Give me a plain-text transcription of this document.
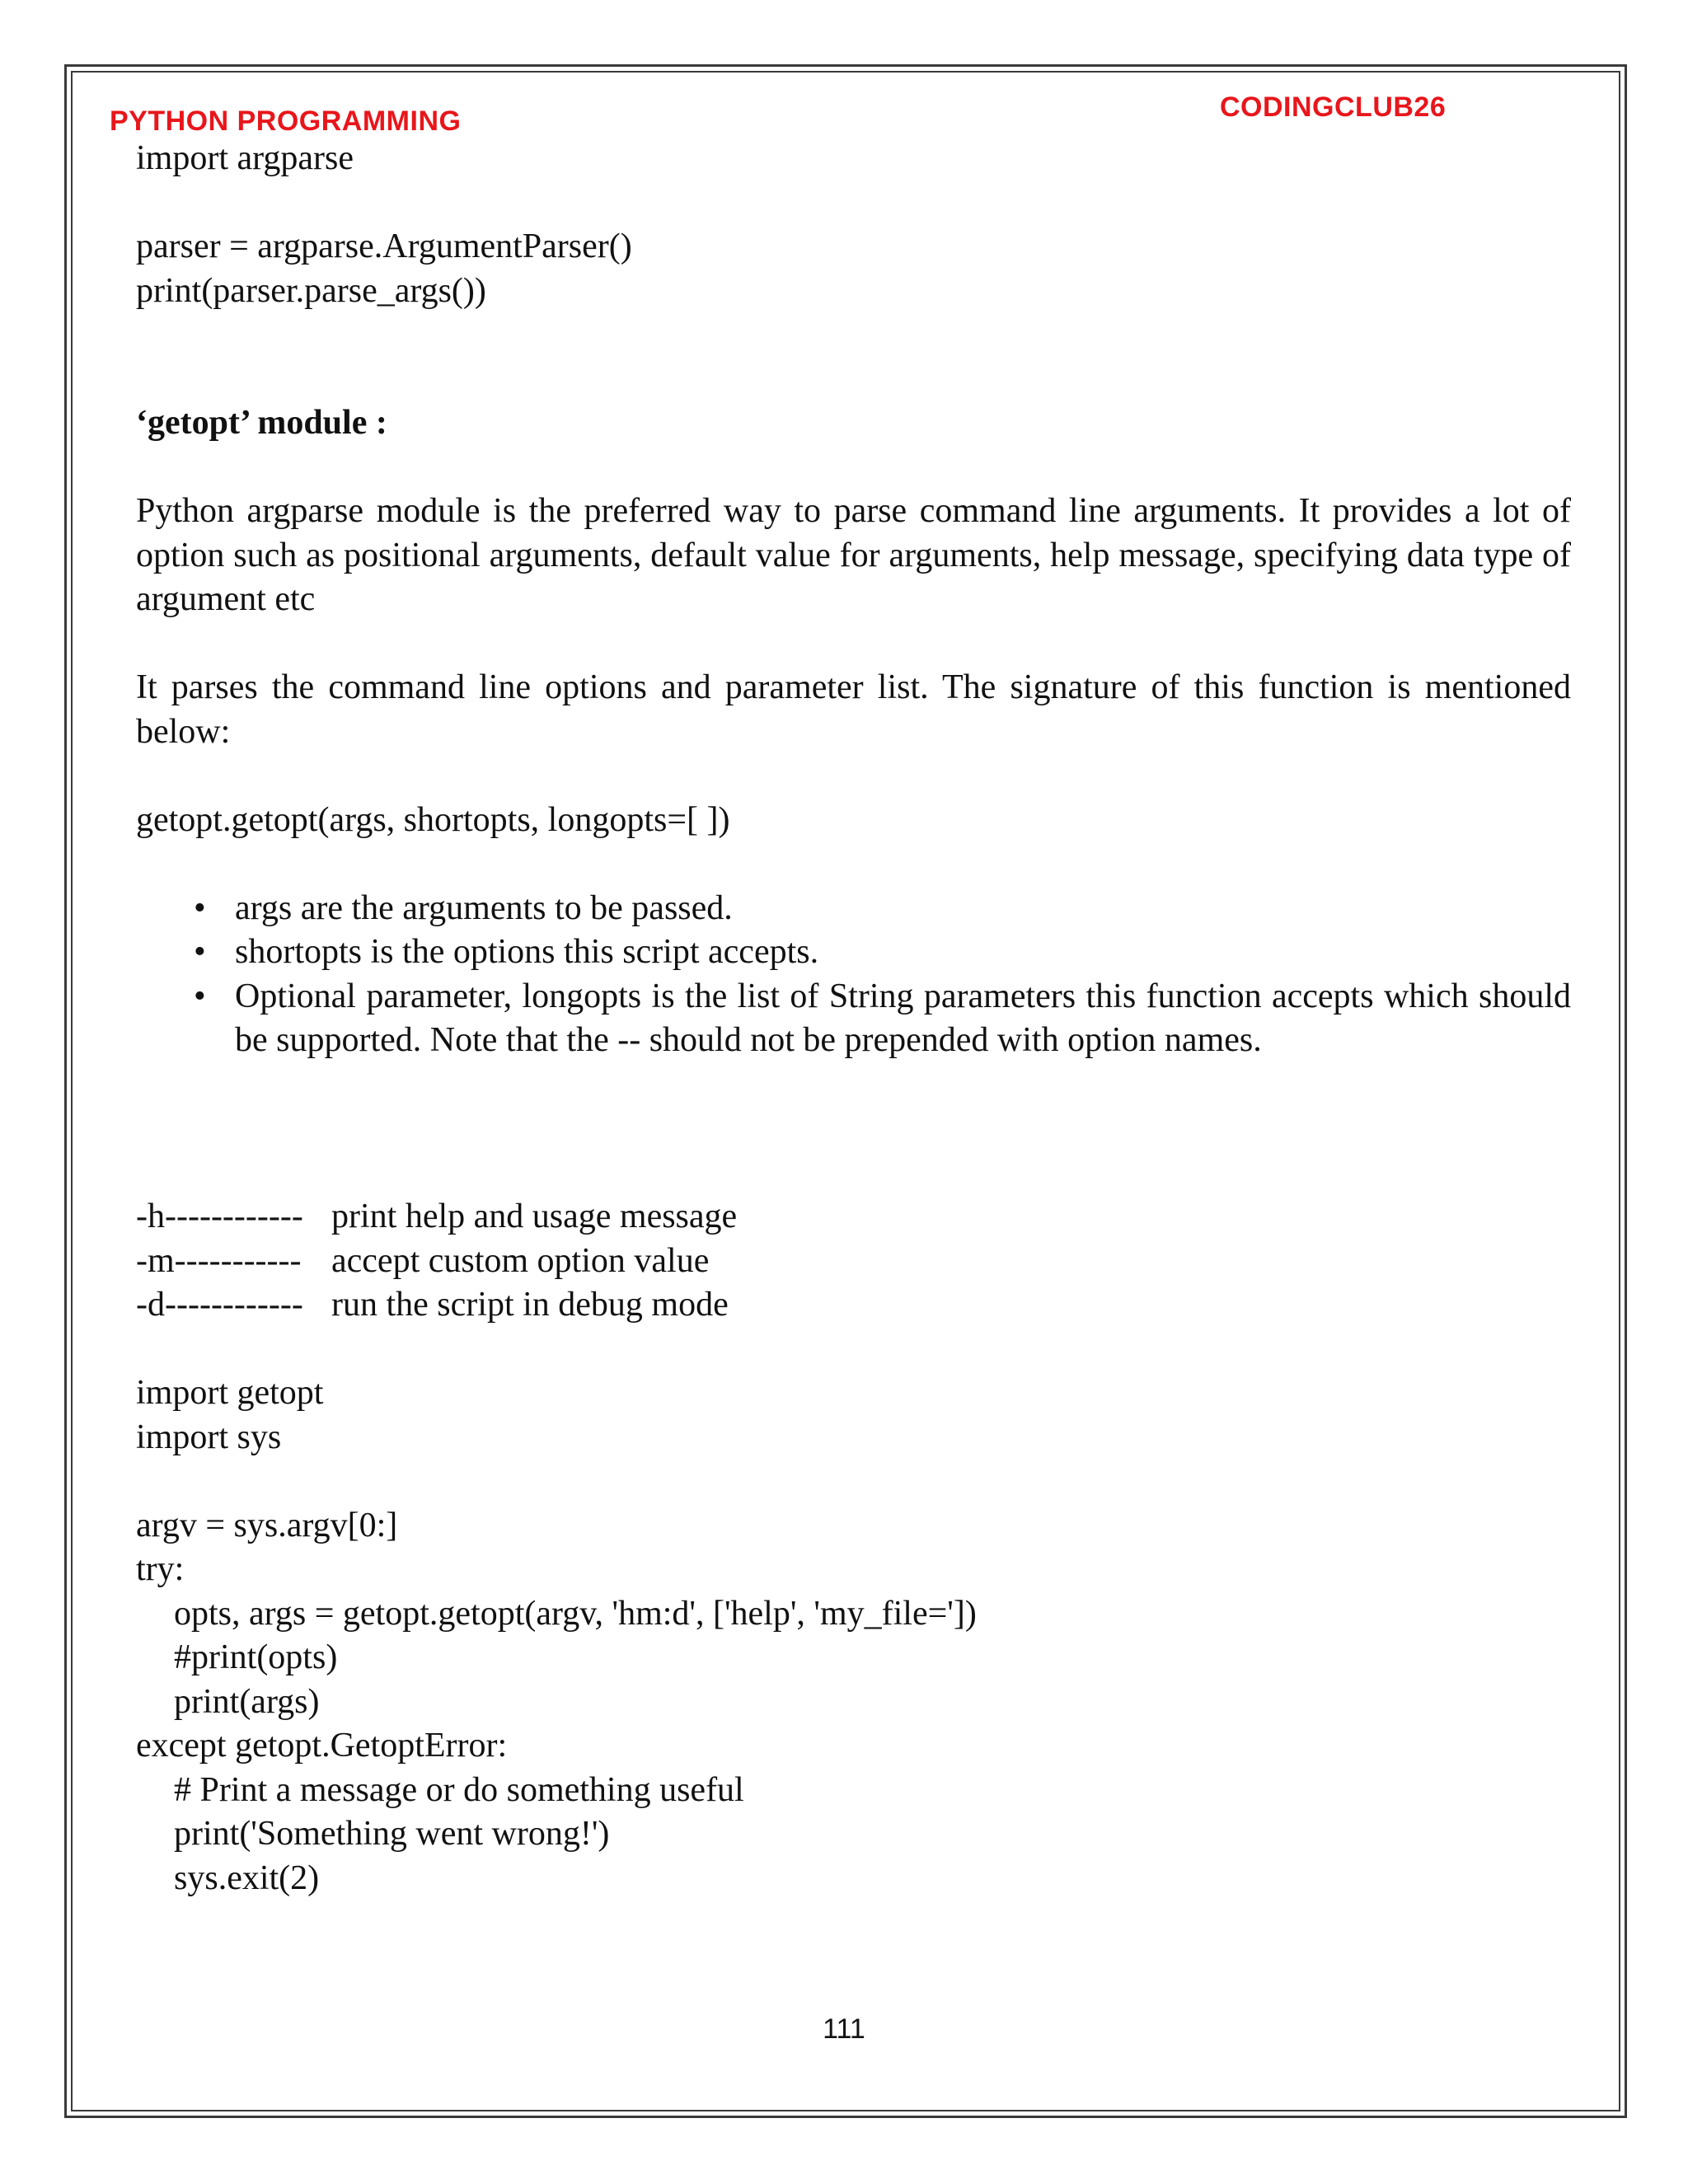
PYTHON PROGRAMMING	CODINGCLUB26
import argparse
parser = argparse.ArgumentParser()
print(parser.parse_args())
‘getopt’ module :

Python argparse module is the preferred way to parse command line arguments. It provides a lot of option such as positional arguments, default value for arguments, help message, specifying data type of argument etc

It parses the command line options and parameter list. The signature of this function is mentioned below:

getopt.getopt(args, shortopts, longopts=[ ])
• args are the arguments to be passed.
• shortopts is the options this script accepts.
• Optional parameter, longopts is the list of String parameters this function accepts which should be supported. Note that the -- should not be prepended with option names.
-h------------ print help and usage message
-m----------- accept custom option value
-d------------ run the script in debug mode
import getopt
import sys
argv = sys.argv[0:]
try:
opts, args = getopt.getopt(argv, 'hm:d', ['help', 'my_file='])
#print(opts)
print(args)
except getopt.GetoptError:
# Print a message or do something useful
print('Something went wrong!')
sys.exit(2)
111
